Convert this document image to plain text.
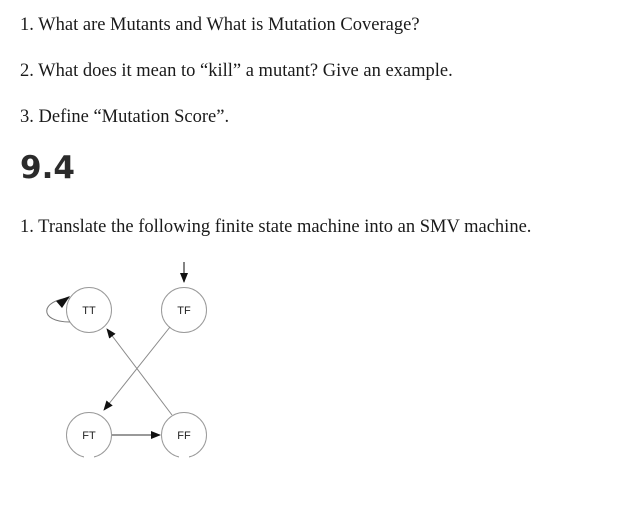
1. What are Mutants and What is Mutation Coverage?

2. What does it mean to “kill” a mutant? Give an example.

3. Define “Mutation Score”.

9.4

1. Translate the following finite state machine into an SMV machine.

TT	TF
FT	FF
